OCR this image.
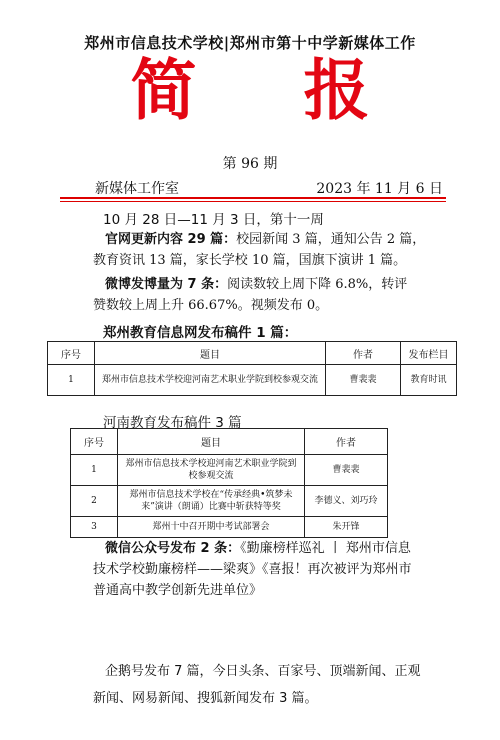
郑州市信息技术学校|郑州市第十中学新媒体工作
简 报
第 96 期
新媒体工作室	2023 年 11 月 6 日
10 月 28 日—11 月 3 日，第十一周
官网更新内容 29 篇：校园新闻 3 篇，通知公告 2 篇，
教育资讯 13 篇，家长学校 10 篇，国旗下演讲 1 篇。
微博发博量为 7 条：阅读数较上周下降 6.8%，转评
赞数较上周上升 66.67%。视频发布 0。
郑州教育信息网发布稿件 1 篇：
序号	题目	作者	发布栏目
1	郑州市信息技术学校迎河南艺术职业学院到校参观交流	曹裴裴	教育时讯
河南教育发布稿件 3 篇
序号	题目	作者
1	郑州市信息技术学校迎河南艺术职业学院到校参观交流	曹裴裴
2	郑州市信息技术学校在“传承经典•筑梦未来”演讲（朗诵）比赛中斩获特等奖	李德义、刘巧玲
3	郑州十中召开期中考试部署会	朱开锋
微信公众号发布 2 条：《勤廉榜样巡礼 丨 郑州市信息
技术学校勤廉榜样——梁爽》《喜报！再次被评为郑州市
普通高中教学创新先进单位》
企鹅号发布 7 篇，今日头条、百家号、顶端新闻、正观
新闻、网易新闻、搜狐新闻发布 3 篇。
